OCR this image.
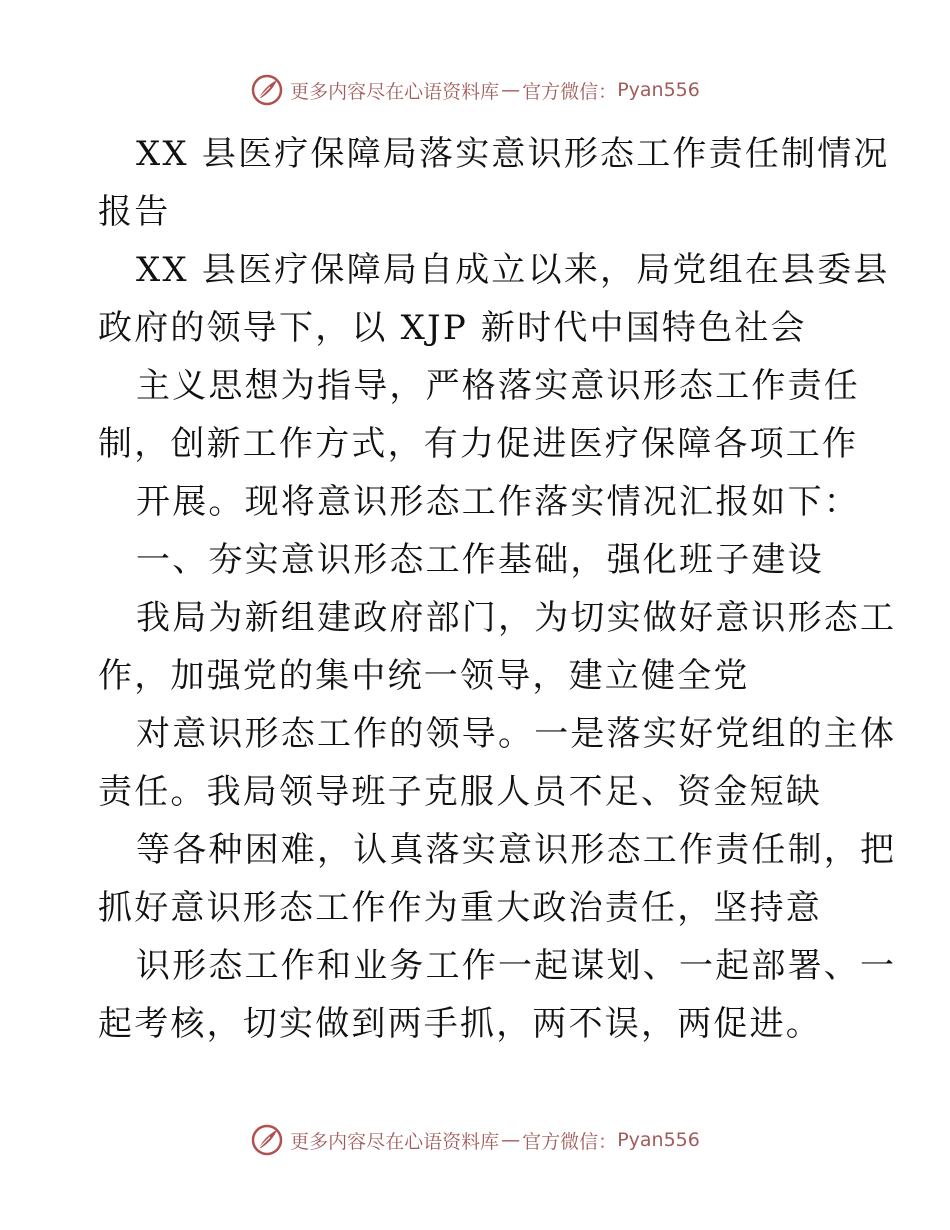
更多内容尽在心语资料库 — 官方微信： Pyan556
XX 县医疗保障局落实意识形态工作责任制情况
报告
XX 县医疗保障局自成立以来，局党组在县委县
政府的领导下，以 XJP 新时代中国特色社会
主义思想为指导，严格落实意识形态工作责任
制，创新工作方式，有力促进医疗保障各项工作
开展。现将意识形态工作落实情况汇报如下：
一、夯实意识形态工作基础，强化班子建设
我局为新组建政府部门，为切实做好意识形态工
作，加强党的集中统一领导，建立健全党
对意识形态工作的领导。一是落实好党组的主体
责任。我局领导班子克服人员不足、资金短缺
等各种困难，认真落实意识形态工作责任制，把
抓好意识形态工作作为重大政治责任，坚持意
识形态工作和业务工作一起谋划、一起部署、一
起考核，切实做到两手抓，两不误，两促进。
更多内容尽在心语资料库 — 官方微信： Pyan556
